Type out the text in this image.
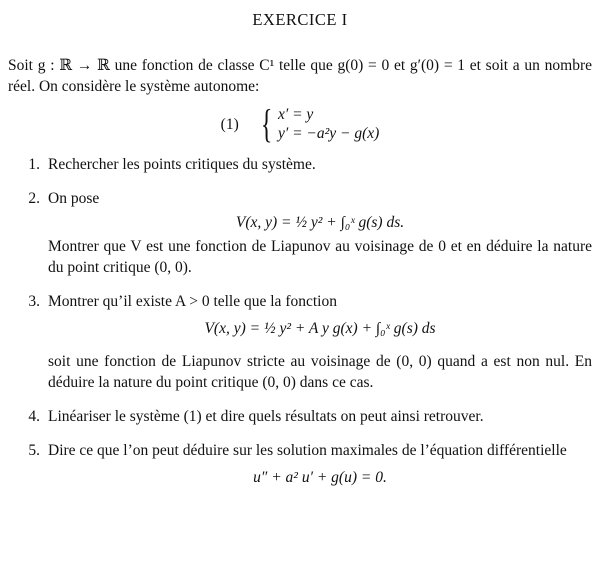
EXERCICE I

Soit g : ℝ → ℝ une fonction de classe C¹ telle que g(0) = 0 et g′(0) = 1 et soit a un nombre réel. On considère le système autonome:

(1) { x′ = y
y′ = −a²y − g(x)
1. Rechercher les points critiques du système.
2. On pose
V(x, y) = ½ y² + ∫₀ˣ g(s) ds.
Montrer que V est une fonction de Liapunov au voisinage de 0 et en déduire la nature du point critique (0, 0).
3. Montrer qu’il existe A > 0 telle que la fonction
V(x, y) = ½ y² + A y g(x) + ∫₀ˣ g(s) ds
soit une fonction de Liapunov stricte au voisinage de (0, 0) quand a est non nul. En déduire la nature du point critique (0, 0) dans ce cas.
4. Linéariser le système (1) et dire quels résultats on peut ainsi retrouver.
5. Dire ce que l’on peut déduire sur les solution maximales de l’équation différentielle
u″ + a² u′ + g(u) = 0.
